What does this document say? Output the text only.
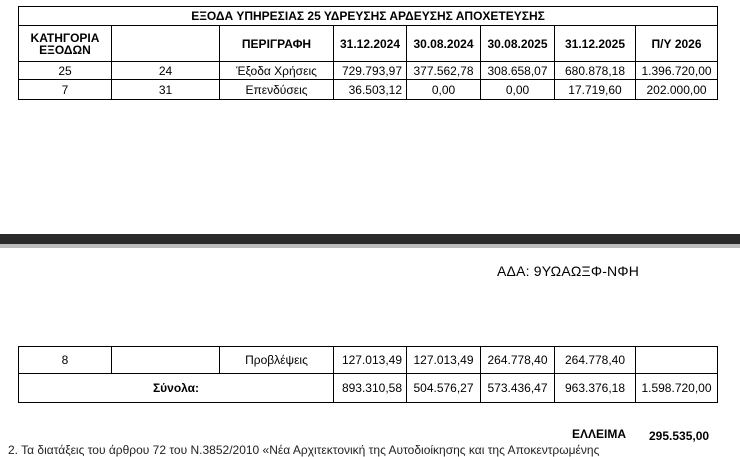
ΕΞΟΔΑ ΥΠΗΡΕΣΙΑΣ 25 ΥΔΡΕΥΣΗΣ ΑΡΔΕΥΣΗΣ ΑΠΟΧΕΤΕΥΣΗΣ							
ΚΑΤΗΓΟΡΙΑ ΕΞΟΔΩΝ		ΠΕΡΙΓΡΑΦΗ	31.12.2024	30.08.2024	30.08.2025	31.12.2025	Π/Υ 2026
25	24	Έξοδα Χρήσεις	729.793,97	377.562,78	308.658,07	680.878,18	1.396.720,00
7	31	Επενδύσεις	36.503,12	0,00	0,00	17.719,60	202.000,00
ΑΔΑ: 9ΥΩΑΩΞΦ-ΝΦΗ
8		Προβλέψεις	127.013,49	127.013,49	264.778,40	264.778,40	
Σύνολα:			893.310,58	504.576,27	573.436,47	963.376,18	1.598.720,00
ΕΛΛΕΙΜΑ 295.535,00
2. Τα διατάξεις του άρθρου 72 του Ν.3852/2010 «Νέα Αρχιτεκτονική της Αυτοδιοίκησης και της Αποκεντρωμένης
